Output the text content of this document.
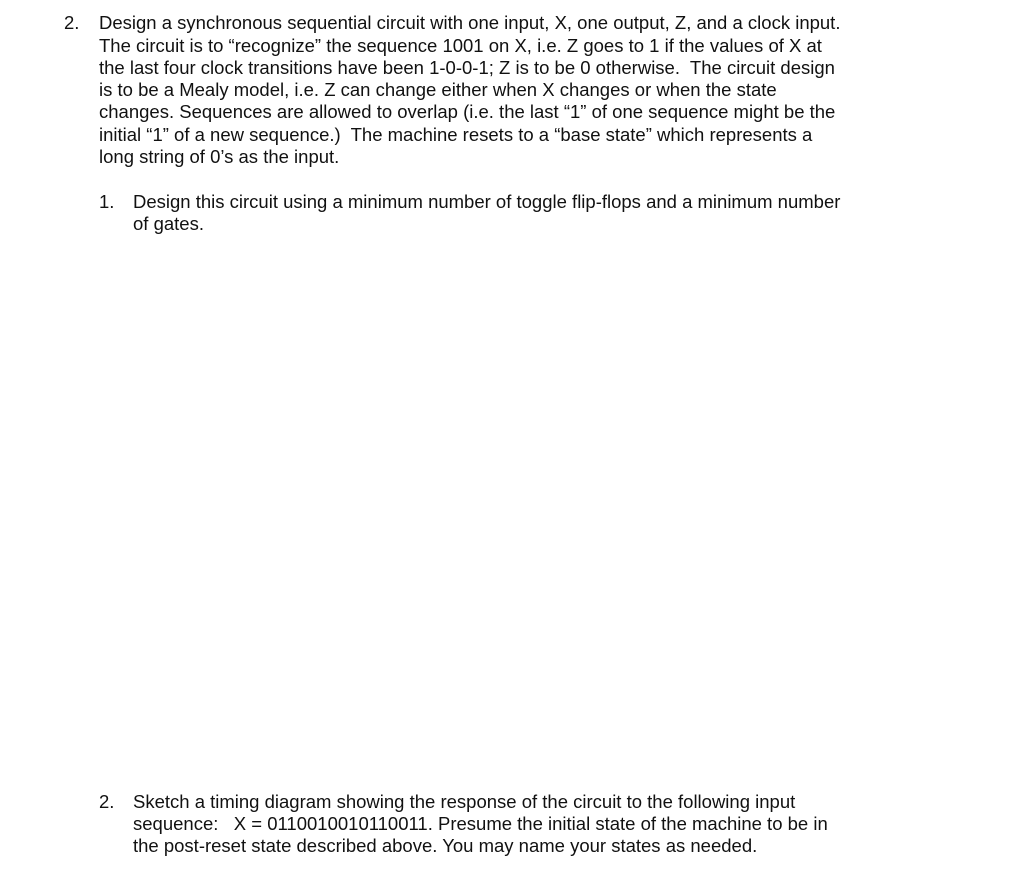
2. Design a synchronous sequential circuit with one input, X, one output, Z, and a clock input.
The circuit is to “recognize” the sequence 1001 on X, i.e. Z goes to 1 if the values of X at
the last four clock transitions have been 1-0-0-1; Z is to be 0 otherwise.  The circuit design
is to be a Mealy model, i.e. Z can change either when X changes or when the state
changes. Sequences are allowed to overlap (i.e. the last “1” of one sequence might be the
initial “1” of a new sequence.)  The machine resets to a “base state” which represents a
long string of 0’s as the input.
1. Design this circuit using a minimum number of toggle flip-flops and a minimum number
of gates.
2. Sketch a timing diagram showing the response of the circuit to the following input
sequence:   X = 0110010010110011. Presume the initial state of the machine to be in
the post-reset state described above. You may name your states as needed.
